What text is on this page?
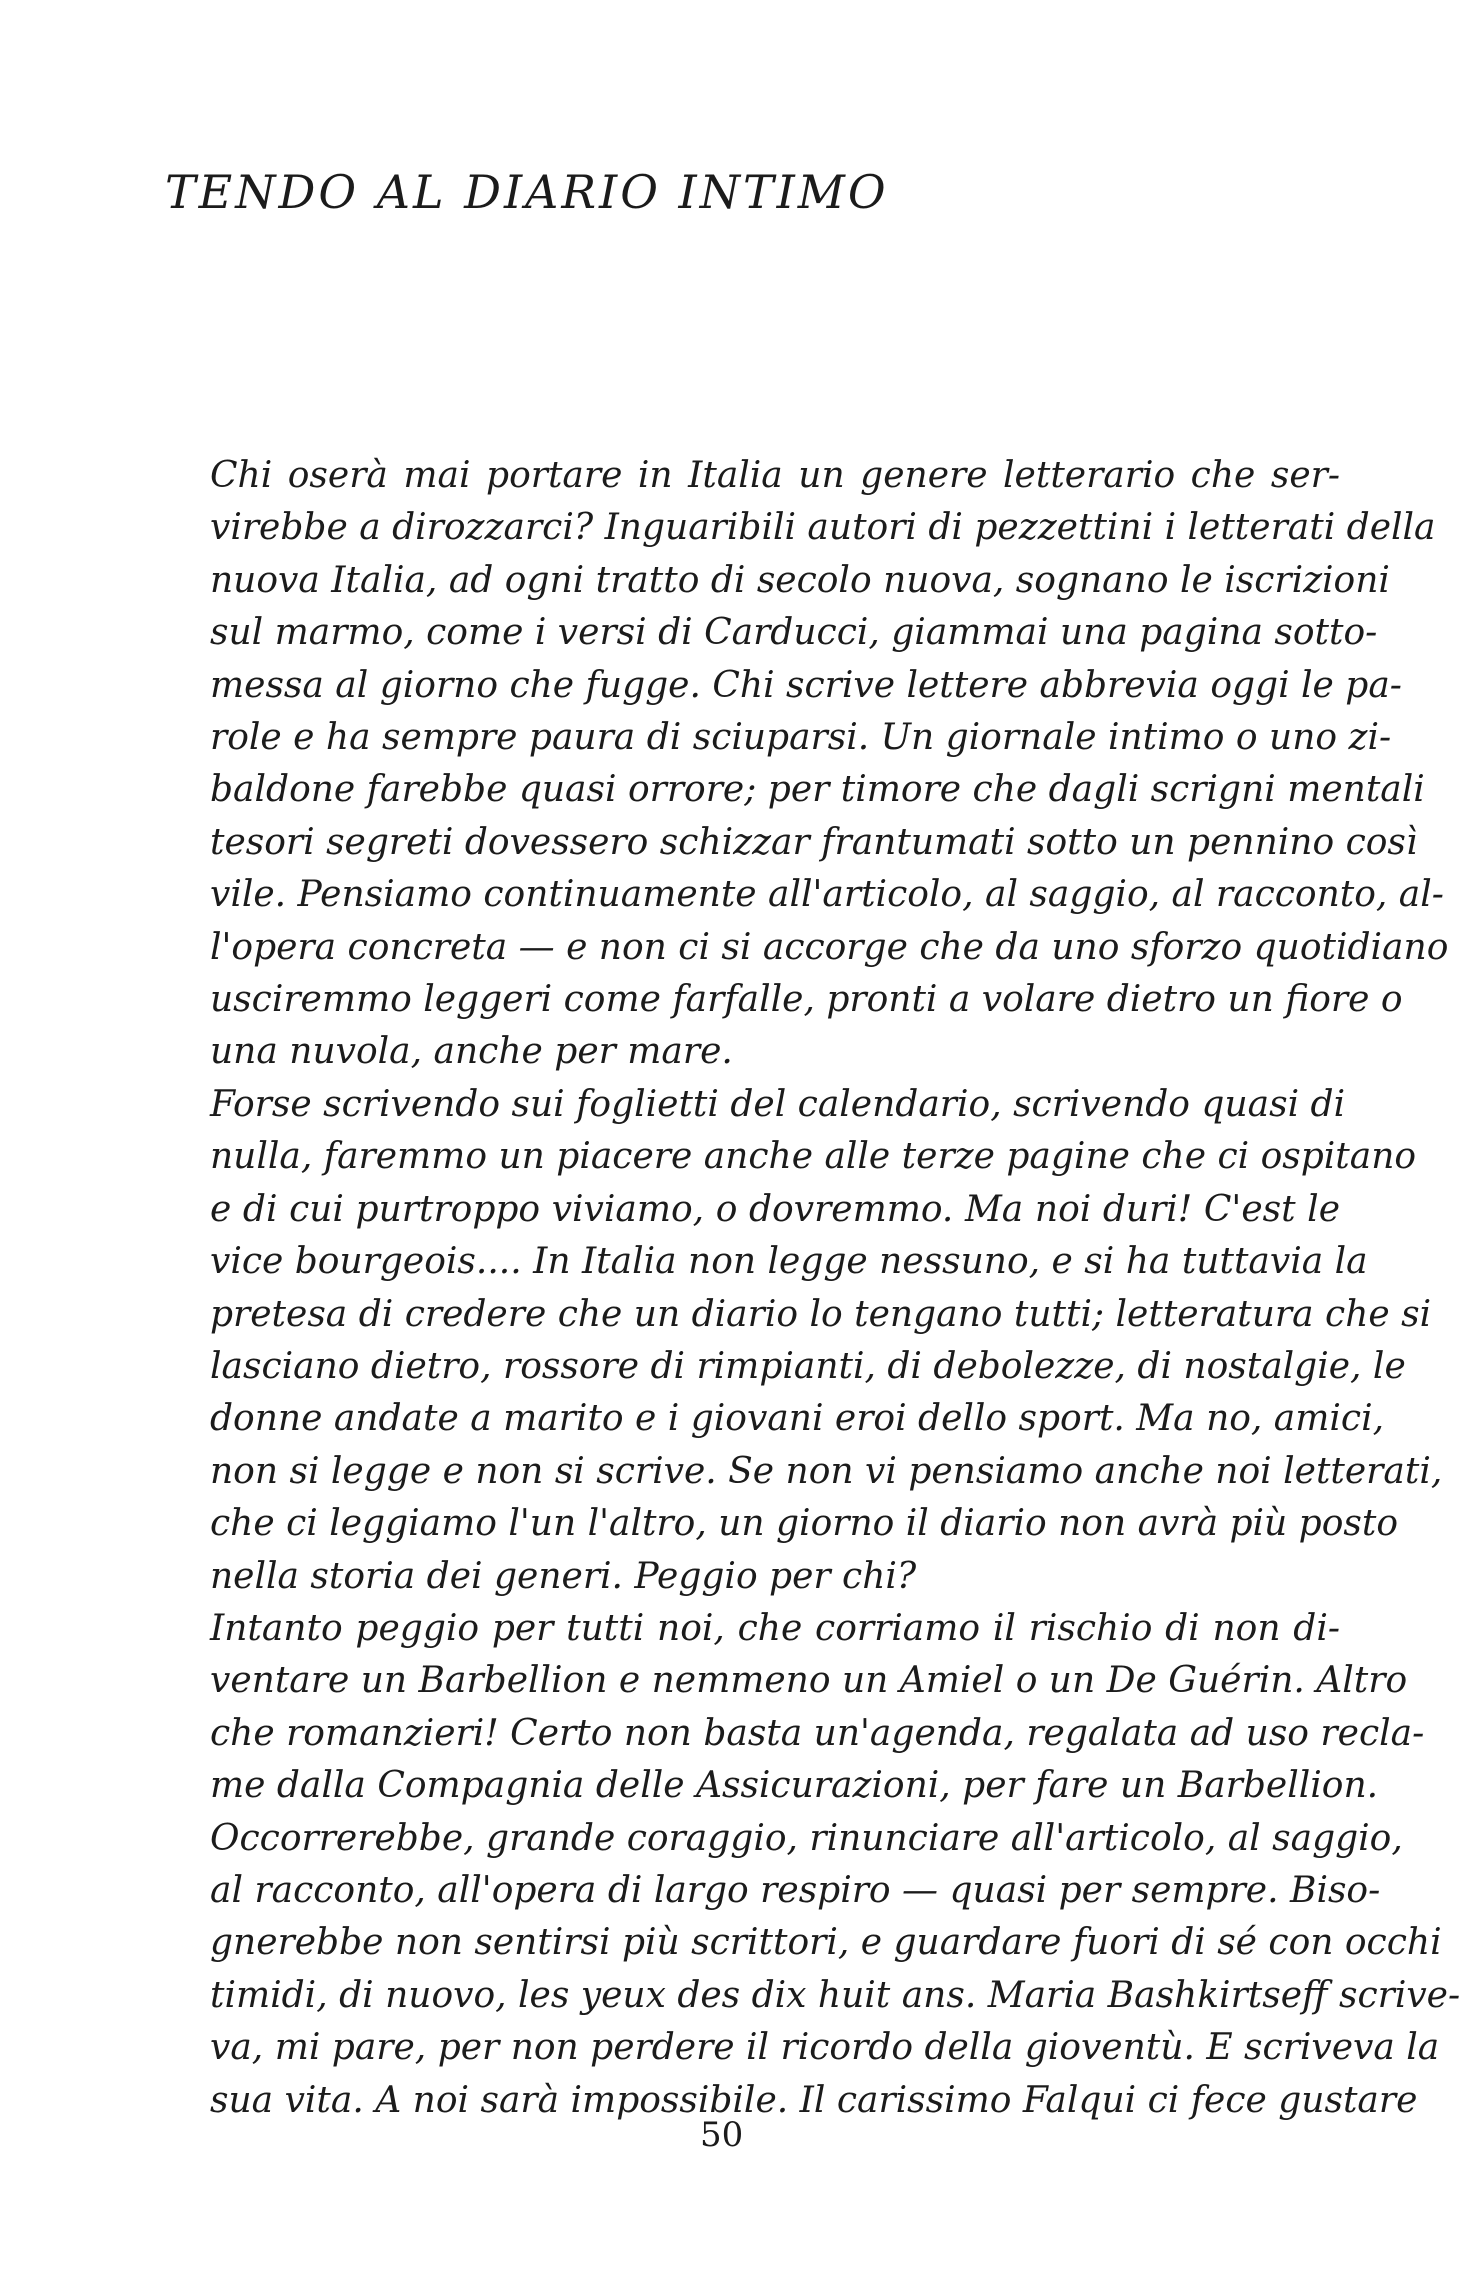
TENDO AL DIARIO INTIMO
Chi oserà mai portare in Italia un genere letterario che ser-
virebbe a dirozzarci? Inguaribili autori di pezzettini i letterati della
nuova Italia, ad ogni tratto di secolo nuova, sognano le iscrizioni
sul marmo, come i versi di Carducci, giammai una pagina sotto-
messa al giorno che fugge. Chi scrive lettere abbrevia oggi le pa-
role e ha sempre paura di sciuparsi. Un giornale intimo o uno zi-
baldone farebbe quasi orrore; per timore che dagli scrigni mentali
tesori segreti dovessero schizzar frantumati sotto un pennino così
vile. Pensiamo continuamente all'articolo, al saggio, al racconto, al-
l'opera concreta — e non ci si accorge che da uno sforzo quotidiano
usciremmo leggeri come farfalle, pronti a volare dietro un fiore o
una nuvola, anche per mare.
Forse scrivendo sui foglietti del calendario, scrivendo quasi di
nulla, faremmo un piacere anche alle terze pagine che ci ospitano
e di cui purtroppo viviamo, o dovremmo. Ma noi duri! C'est le
vice bourgeois.... In Italia non legge nessuno, e si ha tuttavia la
pretesa di credere che un diario lo tengano tutti; letteratura che si
lasciano dietro, rossore di rimpianti, di debolezze, di nostalgie, le
donne andate a marito e i giovani eroi dello sport. Ma no, amici,
non si legge e non si scrive. Se non vi pensiamo anche noi letterati,
che ci leggiamo l'un l'altro, un giorno il diario non avrà più posto
nella storia dei generi. Peggio per chi?
Intanto peggio per tutti noi, che corriamo il rischio di non di-
ventare un Barbellion e nemmeno un Amiel o un De Guérin. Altro
che romanzieri! Certo non basta un'agenda, regalata ad uso recla-
me dalla Compagnia delle Assicurazioni, per fare un Barbellion.
Occorrerebbe, grande coraggio, rinunciare all'articolo, al saggio,
al racconto, all'opera di largo respiro — quasi per sempre. Biso-
gnerebbe non sentirsi più scrittori, e guardare fuori di sé con occhi
timidi, di nuovo, les yeux des dix huit ans. Maria Bashkirtseff scrive-
va, mi pare, per non perdere il ricordo della gioventù. E scriveva la
sua vita. A noi sarà impossibile. Il carissimo Falqui ci fece gustare
50
